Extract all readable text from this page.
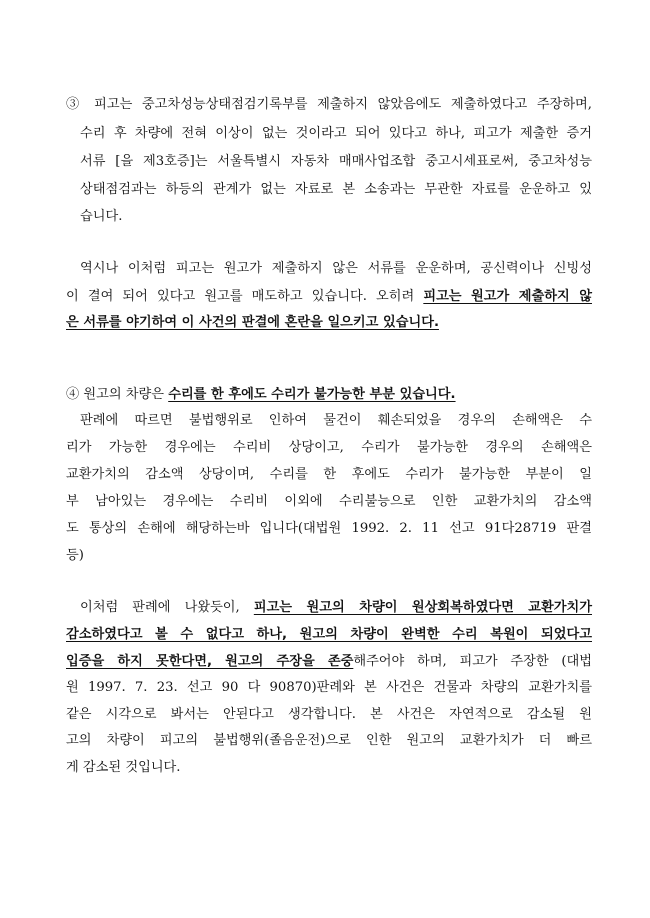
③ 피고는 중고차성능상태점검기록부를 제출하지 않았음에도 제출하였다고 주장하며,
수리 후 차량에 전혀 이상이 없는 것이라고 되어 있다고 하나, 피고가 제출한 증거
서류 [을 제3호증]는 서울특별시 자동차 매매사업조합 중고시세표로써, 중고차성능
상태점검과는 하등의 관계가 없는 자료로 본 소송과는 무관한 자료를 운운하고 있
습니다.
역시나 이처럼 피고는 원고가 제출하지 않은 서류를 운운하며, 공신력이나 신빙성
이 결여 되어 있다고 원고를 매도하고 있습니다. 오히려 피고는 원고가 제출하지 않
은 서류를 야기하여 이 사건의 판결에 혼란을 일으키고 있습니다.
④ 원고의 차량은 수리를 한 후에도 수리가 불가능한 부분 있습니다.
판례에 따르면 불법행위로 인하여 물건이 훼손되었을 경우의 손해액은 수
리가 가능한 경우에는 수리비 상당이고, 수리가 불가능한 경우의 손해액은
교환가치의 감소액 상당이며, 수리를 한 후에도 수리가 불가능한 부분이 일
부 남아있는 경우에는 수리비 이외에 수리불능으로 인한 교환가치의 감소액
도 통상의 손해에 해당하는바 입니다(대법원 1992. 2. 11 선고 91다28719 판결
등)
이처럼 판례에 나왔듯이, 피고는 원고의 차량이 원상회복하였다면 교환가치가
감소하였다고 볼 수 없다고 하나, 원고의 차량이 완벽한 수리 복원이 되었다고
입증을 하지 못한다면, 원고의 주장을 존중해주어야 하며, 피고가 주장한 (대법
원 1997. 7. 23. 선고 90 다 90870)판례와 본 사건은 건물과 차량의 교환가치를
같은 시각으로 봐서는 안된다고 생각합니다. 본 사건은 자연적으로 감소될 원
고의 차량이 피고의 불법행위(졸음운전)으로 인한 원고의 교환가치가 더 빠르
게 감소된 것입니다.
